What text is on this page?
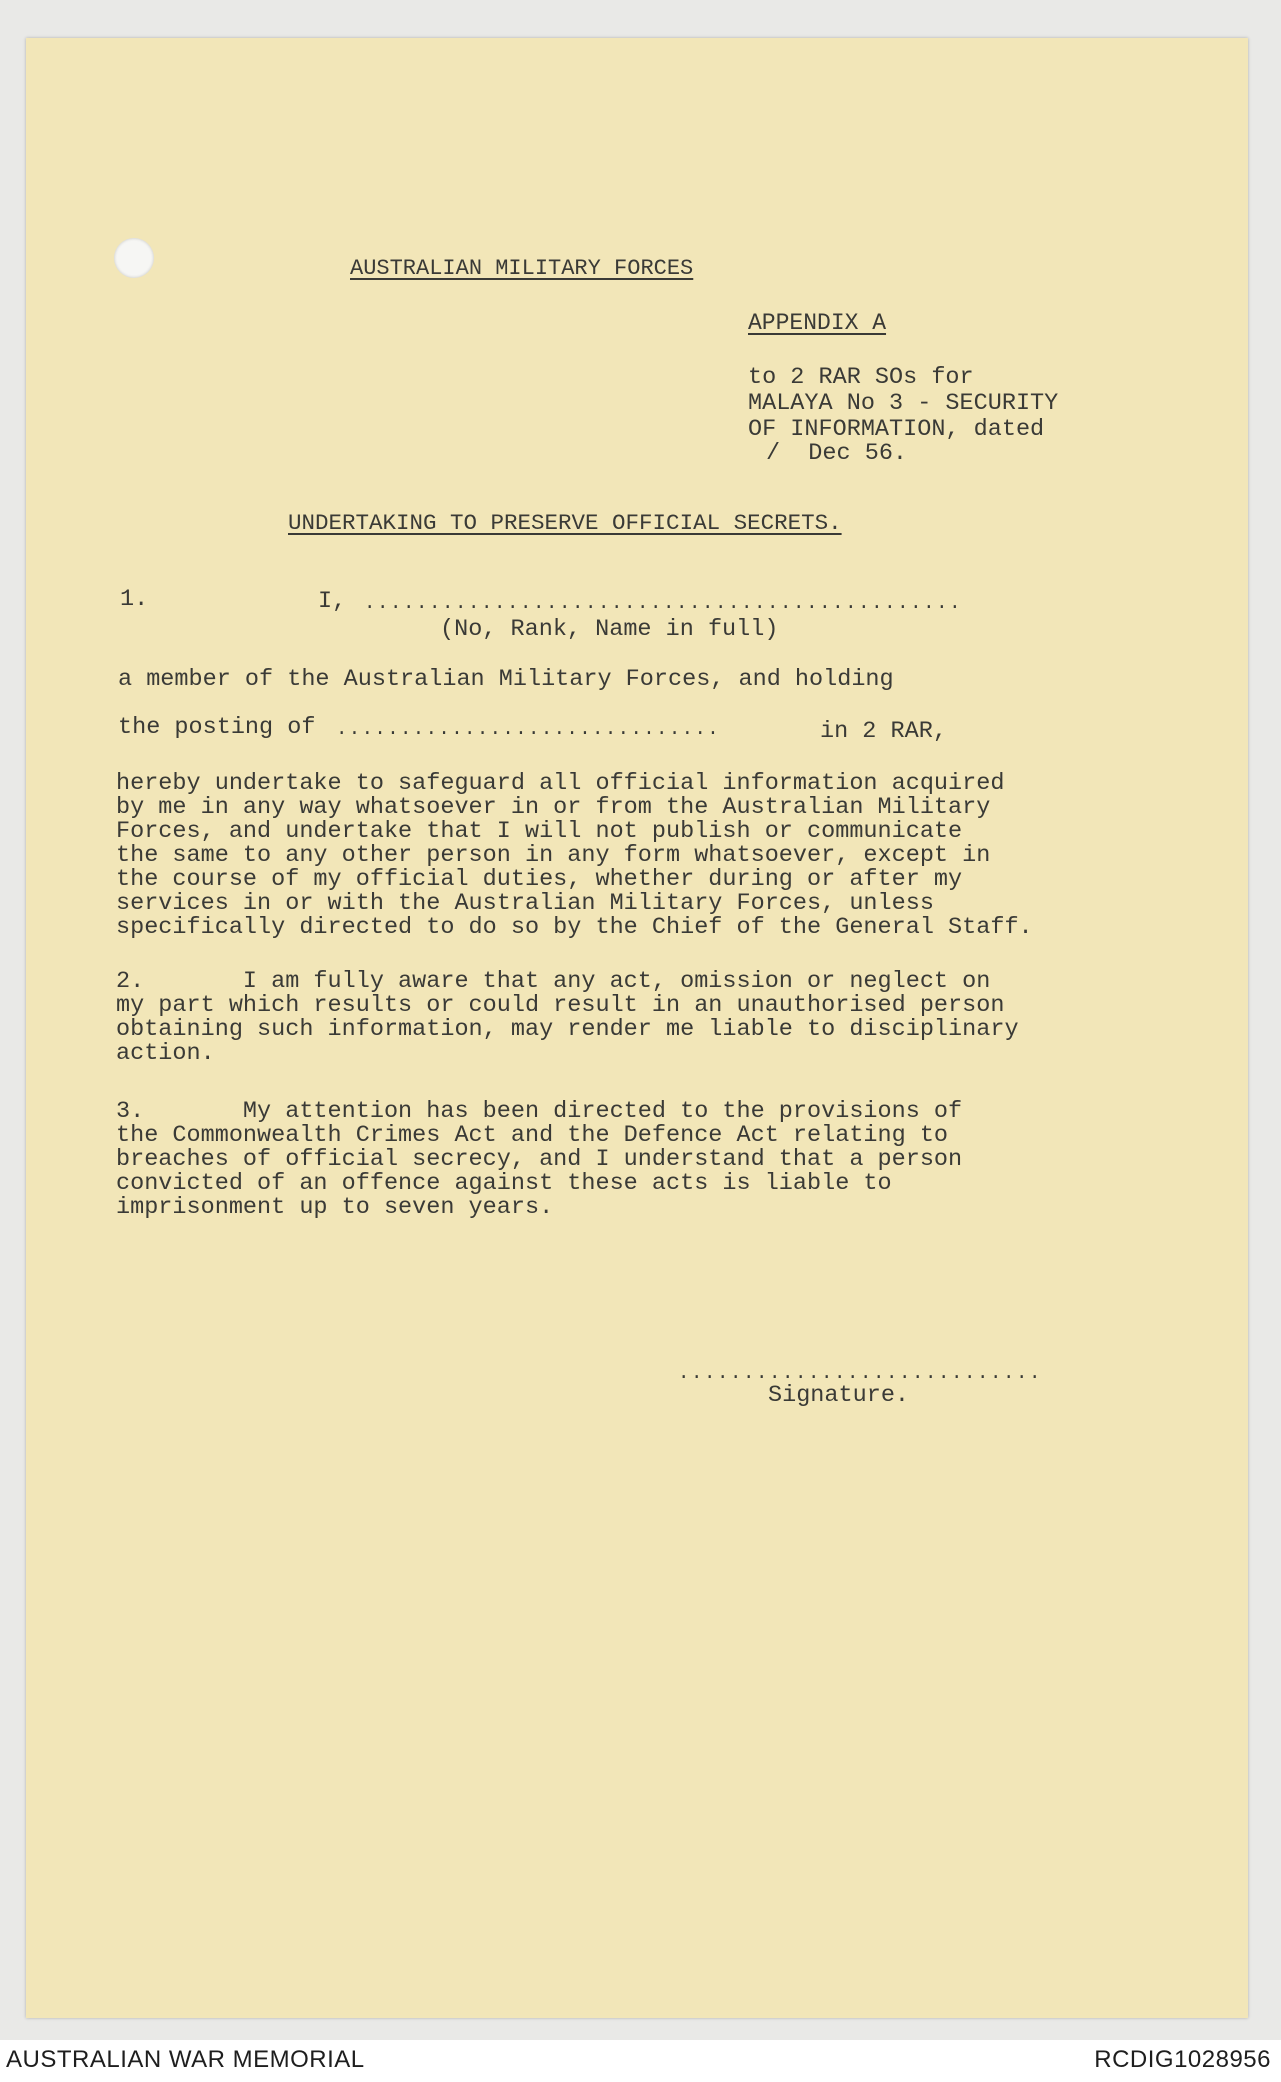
AUSTRALIAN MILITARY FORCES
APPENDIX A
to 2 RAR SOs for
MALAYA No 3 - SECURITY
OF INFORMATION, dated
/  Dec 56.
UNDERTAKING TO PRESERVE OFFICIAL SECRETS.
1.	I, ..............................................
(No, Rank, Name in full)
a member of the Australian Military Forces, and holding
the posting of ..............................	in 2 RAR,
hereby undertake to safeguard all official information acquired
by me in any way whatsoever in or from the Australian Military
Forces, and undertake that I will not publish or communicate
the same to any other person in any form whatsoever, except in
the course of my official duties, whether during or after my
services in or with the Australian Military Forces, unless
specifically directed to do so by the Chief of the General Staff.
2.       I am fully aware that any act, omission or neglect on
my part which results or could result in an unauthorised person
obtaining such information, may render me liable to disciplinary
action.
3.       My attention has been directed to the provisions of
the Commonwealth Crimes Act and the Defence Act relating to
breaches of official secrecy, and I understand that a person
convicted of an offence against these acts is liable to
imprisonment up to seven years.
............................
Signature.
AUSTRALIAN WAR MEMORIAL	RCDIG1028956
